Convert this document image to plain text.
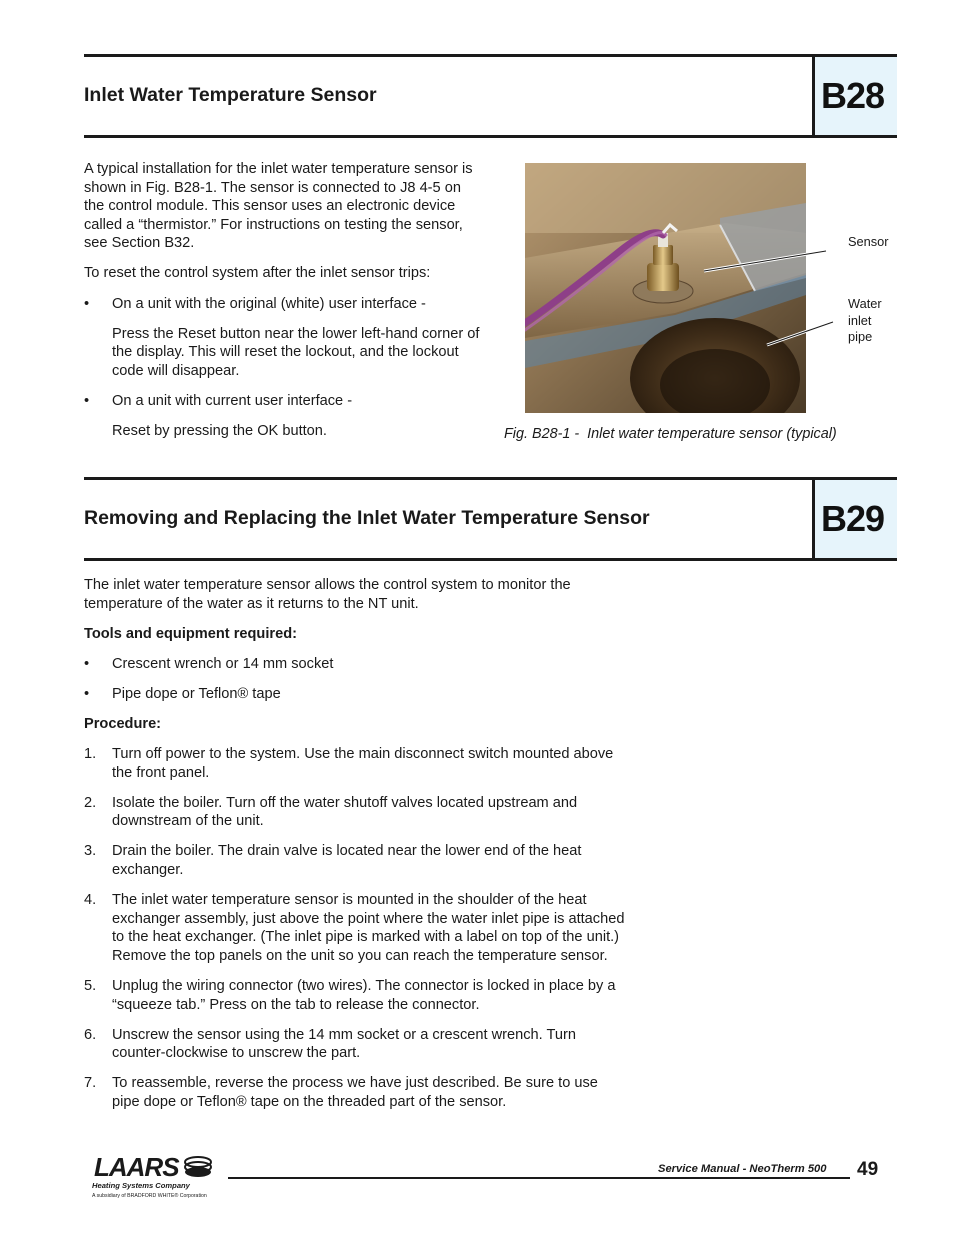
Inlet Water Temperature Sensor	B28

A typical installation for the inlet water temperature sensor is shown in Fig. B28-1. The sensor is connected to J8 4-5 on the control module. This sensor uses an electronic device called a “thermistor.” For instructions on testing the sensor, see Section B32.

To reset the control system after the inlet sensor trips:

• On a unit with the original (white) user interface -
Press the Reset button near the lower left-hand corner of the display. This will reset the lockout, and the lockout code will disappear.
• On a unit with current user interface -
Reset by pressing the OK button.
Sensor
Water
inlet
pipe
Fig. B28-1 -  Inlet water temperature sensor (typical)
Removing and Replacing the Inlet Water Temperature Sensor	B29

The inlet water temperature sensor allows the control system to monitor the temperature of the water as it returns to the NT unit.

Tools and equipment required:

• Crescent wrench or 14 mm socket
• Pipe dope or Teflon® tape

Procedure:

1. Turn off power to the system. Use the main disconnect switch mounted above the front panel.
2. Isolate the boiler. Turn off the water shutoff valves located upstream and downstream of the unit.
3. Drain the boiler. The drain valve is located near the lower end of the heat exchanger.
4. The inlet water temperature sensor is mounted in the shoulder of the heat exchanger assembly, just above the point where the water inlet pipe is attached to the heat exchanger. (The inlet pipe is marked with a label on top of the unit.) Remove the top panels on the unit so you can reach the temperature sensor.
5. Unplug the wiring connector (two wires). The connector is locked in place by a “squeeze tab.” Press on the tab to release the connector.
6. Unscrew the sensor using the 14 mm socket or a crescent wrench. Turn counter-clockwise to unscrew the part.
7. To reassemble, reverse the process we have just described. Be sure to use pipe dope or Teflon® tape on the threaded part of the sensor.
LAARS
Heating Systems Company
A subsidiary of BRADFORD WHITE® Corporation
Service Manual - NeoTherm 500 49
